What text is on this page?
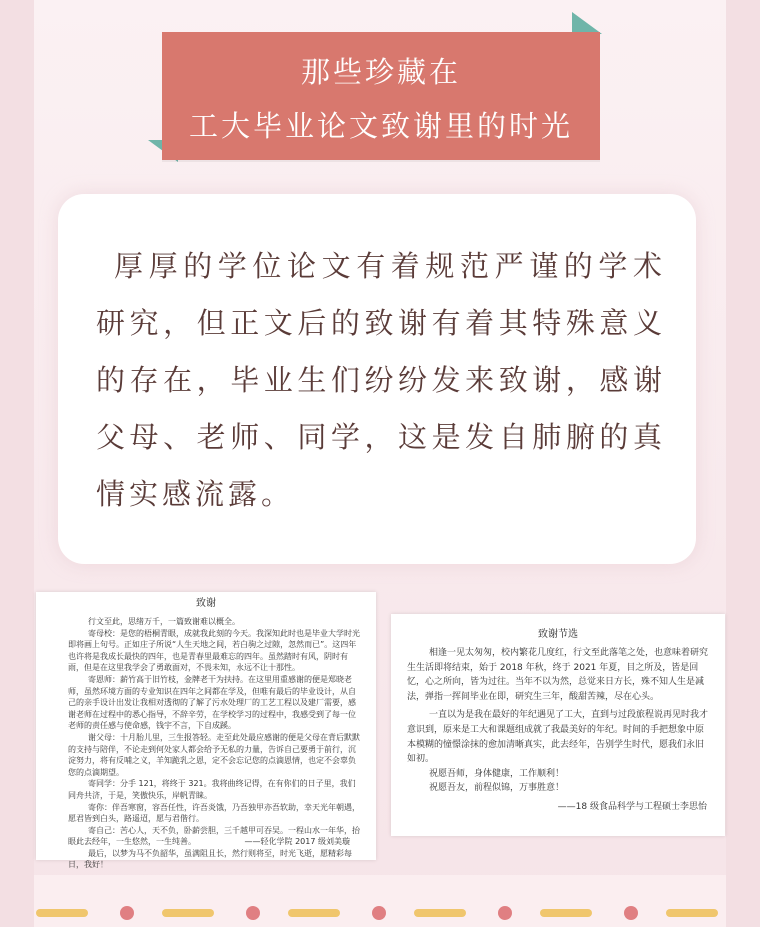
那些珍藏在
工大毕业论文致谢里的时光
厚厚的学位论文有着规范严谨的学术研究，但正文后的致谢有着其特殊意义的存在，毕业生们纷纷发来致谢，感谢父母、老师、同学，这是发自肺腑的真情实感流露。
致谢

行文至此，思绪万千，一篇致谢难以概全。

寄母校：是您的梧桐青眼，成就我此刻的今天。我深知此时也是毕业大学时光即将画上句号。正如庄子所说“人生天地之间，若白驹之过隙，忽然而已”。这四年也许将是我成长最快的四年，也是青春里最难忘的四年。虽然踏时有风，阴时有雨，但是在这里我学会了勇敢面对，不畏未知，永远不让十那性。

寄恩师：薪竹高于旧竹枝，金牌老干为扶持。在这里用重感谢的便是郑晓老师，虽然环境方面的专业知识在四年之间都在学及，但唯有最后的毕业设计，从自己的亲手设计出发让我相对透彻的了解了污水处理厂的工艺工程以及建厂需要，感谢老师在过程中的悉心指导，不辞辛劳，在学校学习的过程中，我感受到了每一位老师的责任感与使命感，钱宇不言，下自成蹊。

谢父母：十月胎儿里，三生报答轻。走至此处最应感谢的便是父母在背后默默的支持与陪伴，不论走到何处家人都会给予无私的力量，告诉自己要勇于前行，沉淀努力，将有反哺之义，羊知跪乳之恩，定不会忘记您的点滴恩情，也定不会辜负您的点滴期望。

寄同学：分手 121，将终于 321。我将曲终记得，在有你们的日子里，我们同舟共济，于是，笑傲快乐，岸帆青睐。

寄你：伴吾寒窗，容吾任性，许吾炎饿，乃吾独甲亦吾软助，幸天光年朝遇，愿君皆到白头，路遥迢，愿与君偕行。

寄自己：苦心人，天不负，卧薪尝胆，三千越甲可吞吴。一程山水一年华，抬眼此去经年，一生悠然，一生纯善。

最后，以梦为马不负韶华，虽满阻且长，然行则将至，时光飞逝，愿精彩每日，我好！

——轻化学院 2017 级刘美璇
致谢节选

相逢一见太匆匆，校内繁花几度红，行文至此落笔之处，也意味着研究生生活即将结束，始于 2018 年秋，终于 2021 年夏，目之所及，皆是回忆，心之所向，皆为过往。当年不以为然，总觉来日方长，殊不知人生是减法，弹指一挥间毕业在即，研究生三年，酸甜苦辣，尽在心头。

一直以为是我在最好的年纪遇见了工大，直到与过段旅程说再见时我才意识到，原来是工大和课题组成就了我最美好的年纪。时间的手把想象中原本模糊的憧憬涂抹的愈加清晰真实，此去经年，告别学生时代，愿我们永旧如初。

祝愿吾师，身体健康，工作顺利！

祝愿吾友，前程似锦，万事胜意！

——18 级食品科学与工程硕士李思怡
